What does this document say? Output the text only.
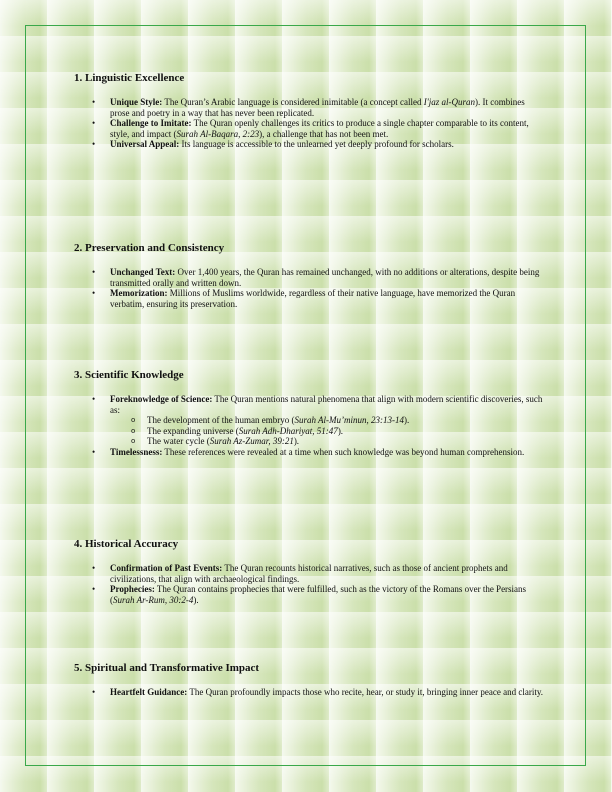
1. Linguistic Excellence
• Unique Style: The Quran’s Arabic language is considered inimitable (a concept called I'jaz al-Quran). It combines prose and poetry in a way that has never been replicated.
• Challenge to Imitate: The Quran openly challenges its critics to produce a single chapter comparable to its content, style, and impact (Surah Al-Baqara, 2:23), a challenge that has not been met.
• Universal Appeal: Its language is accessible to the unlearned yet deeply profound for scholars.
2. Preservation and Consistency
• Unchanged Text: Over 1,400 years, the Quran has remained unchanged, with no additions or alterations, despite being transmitted orally and written down.
• Memorization: Millions of Muslims worldwide, regardless of their native language, have memorized the Quran verbatim, ensuring its preservation.
3. Scientific Knowledge
• Foreknowledge of Science: The Quran mentions natural phenomena that align with modern scientific discoveries, such as:
o The development of the human embryo (Surah Al-Mu’minun, 23:13-14).
o The expanding universe (Surah Adh-Dhariyat, 51:47).
o The water cycle (Surah Az-Zumar, 39:21).
• Timelessness: These references were revealed at a time when such knowledge was beyond human comprehension.
4. Historical Accuracy
• Confirmation of Past Events: The Quran recounts historical narratives, such as those of ancient prophets and civilizations, that align with archaeological findings.
• Prophecies: The Quran contains prophecies that were fulfilled, such as the victory of the Romans over the Persians (Surah Ar-Rum, 30:2-4).
5. Spiritual and Transformative Impact
• Heartfelt Guidance: The Quran profoundly impacts those who recite, hear, or study it, bringing inner peace and clarity.
